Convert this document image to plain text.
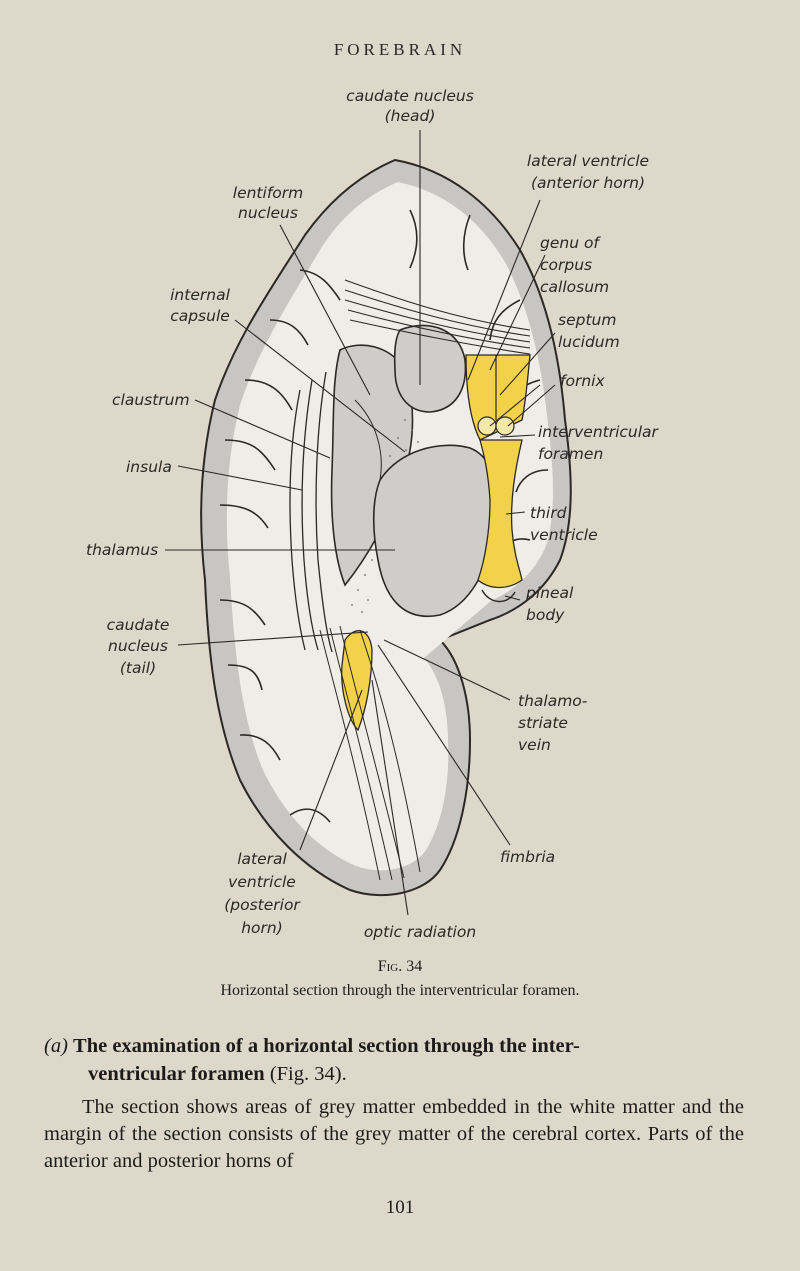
FOREBRAIN
caudate nucleus
(head)
lateral ventricle
(anterior horn)
lentiform
nucleus
genu of
corpus
callosum
internal
capsule	septum
lucidum
fornix
claustrum
interventricular
foramen
insula
third
ventricle
thalamus
pineal
body
caudate
nucleus
(tail)
thalamo-
striate
vein
lateral
ventricle
(posterior
horn)
fimbria
optic radiation
Fig. 34
Horizontal section through the interventricular foramen.
(a) The examination of a horizontal section through the inter-
ventricular foramen (Fig. 34).
The section shows areas of grey matter embedded in the white matter and the margin of the section consists of the grey matter of the cerebral cortex. Parts of the anterior and posterior horns of
101
